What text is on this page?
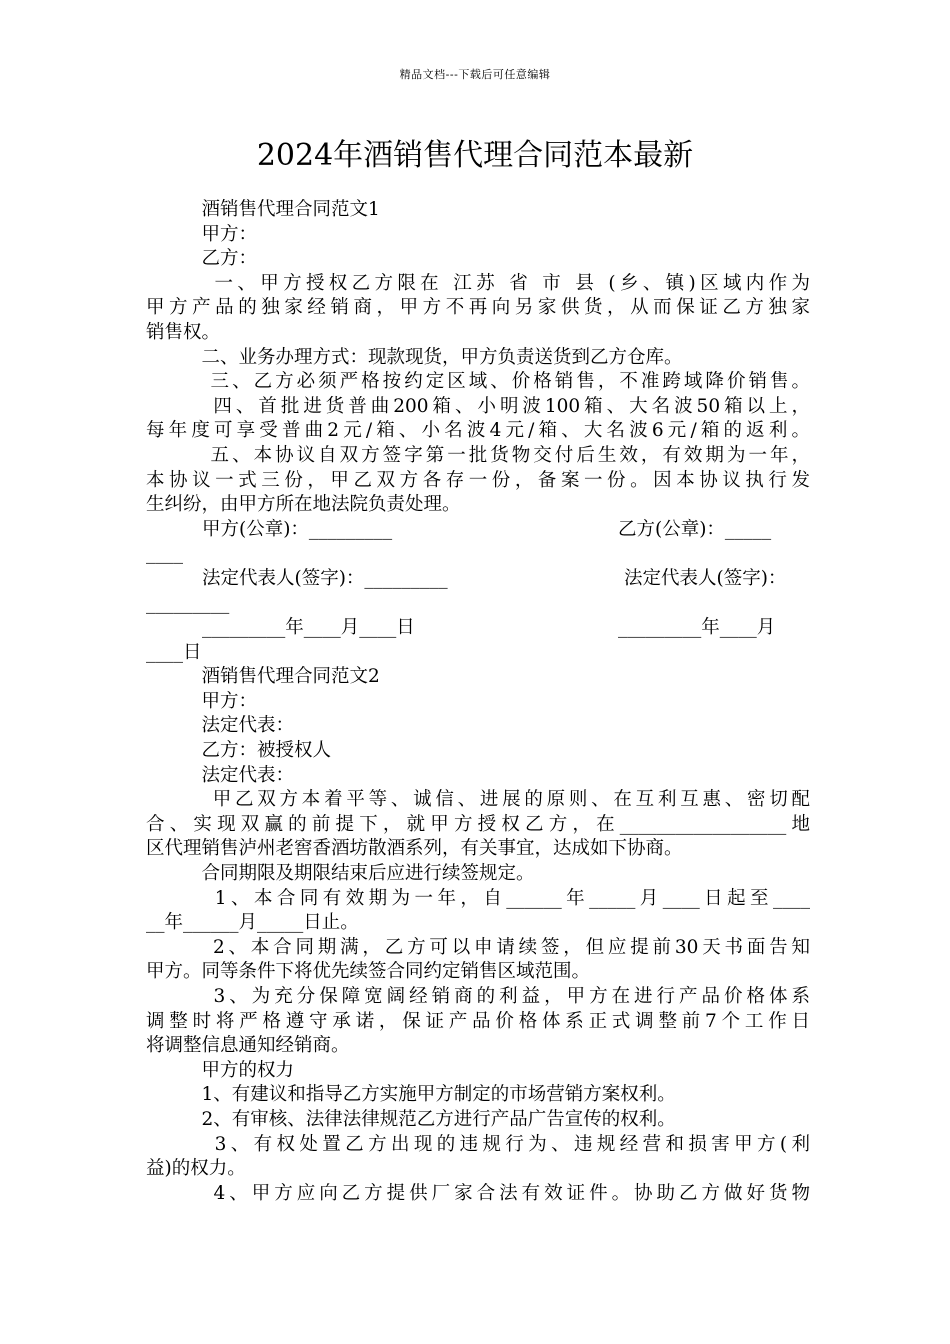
精品文档---下载后可任意编辑
2024年酒销售代理合同范本最新
　　　酒销售代理合同范文1
　　　甲方：
　　　乙方：
　　　一、甲方授权乙方限在 江苏 省 市 县 (乡、镇)区域内作为
甲方产品的独家经销商，甲方不再向另家供货，从而保证乙方独家
销售权。
　　　二、业务办理方式：现款现货，甲方负责送货到乙方仓库。
　　　三、乙方必须严格按约定区域、价格销售，不准跨域降价销售。
　　　四、首批进货普曲200箱、小明波100箱、大名波50箱以上，
每年度可享受普曲2元/箱、小名波4元/箱、大名波6元/箱的返利。
　　　五、本协议自双方签字第一批货物交付后生效，有效期为一年，
本协议一式三份，甲乙双方各存一份，备案一份。因本协议执行发
生纠纷，由甲方所在地法院负责处理。
甲方(公章)：_________	乙方(公章)：_____
____
法定代表人(签字)：_________	法定代表人(签字)：
_________
_________年____月____日	_________年____月
____日
　　　酒销售代理合同范文2
　　　甲方：
　　　法定代表：
　　　乙方：被授权人
　　　法定代表：
　　　甲乙双方本着平等、诚信、进展的原则、在互利互惠、密切配
合、实现双赢的前提下，就甲方授权乙方，在__________________地
区代理销售泸州老窖香酒坊散酒系列，有关事宜，达成如下协商。
　　　合同期限及期限结束后应进行续签规定。
　　　1、本合同有效期为一年，自______年_____月____日起至____
__年______月_____日止。
　　　2、本合同期满，乙方可以申请续签，但应提前30天书面告知
甲方。同等条件下将优先续签合同约定销售区域范围。
　　　3、为充分保障宽阔经销商的利益，甲方在进行产品价格体系
调整时将严格遵守承诺，保证产品价格体系正式调整前7个工作日
将调整信息通知经销商。
　　　甲方的权力
　　　1、有建议和指导乙方实施甲方制定的市场营销方案权利。
　　　2、有审核、法律法律规范乙方进行产品广告宣传的权利。
　　　3、有权处置乙方出现的违规行为、违规经营和损害甲方(利
益)的权力。
　　　4、甲方应向乙方提供厂家合法有效证件。协助乙方做好货物
